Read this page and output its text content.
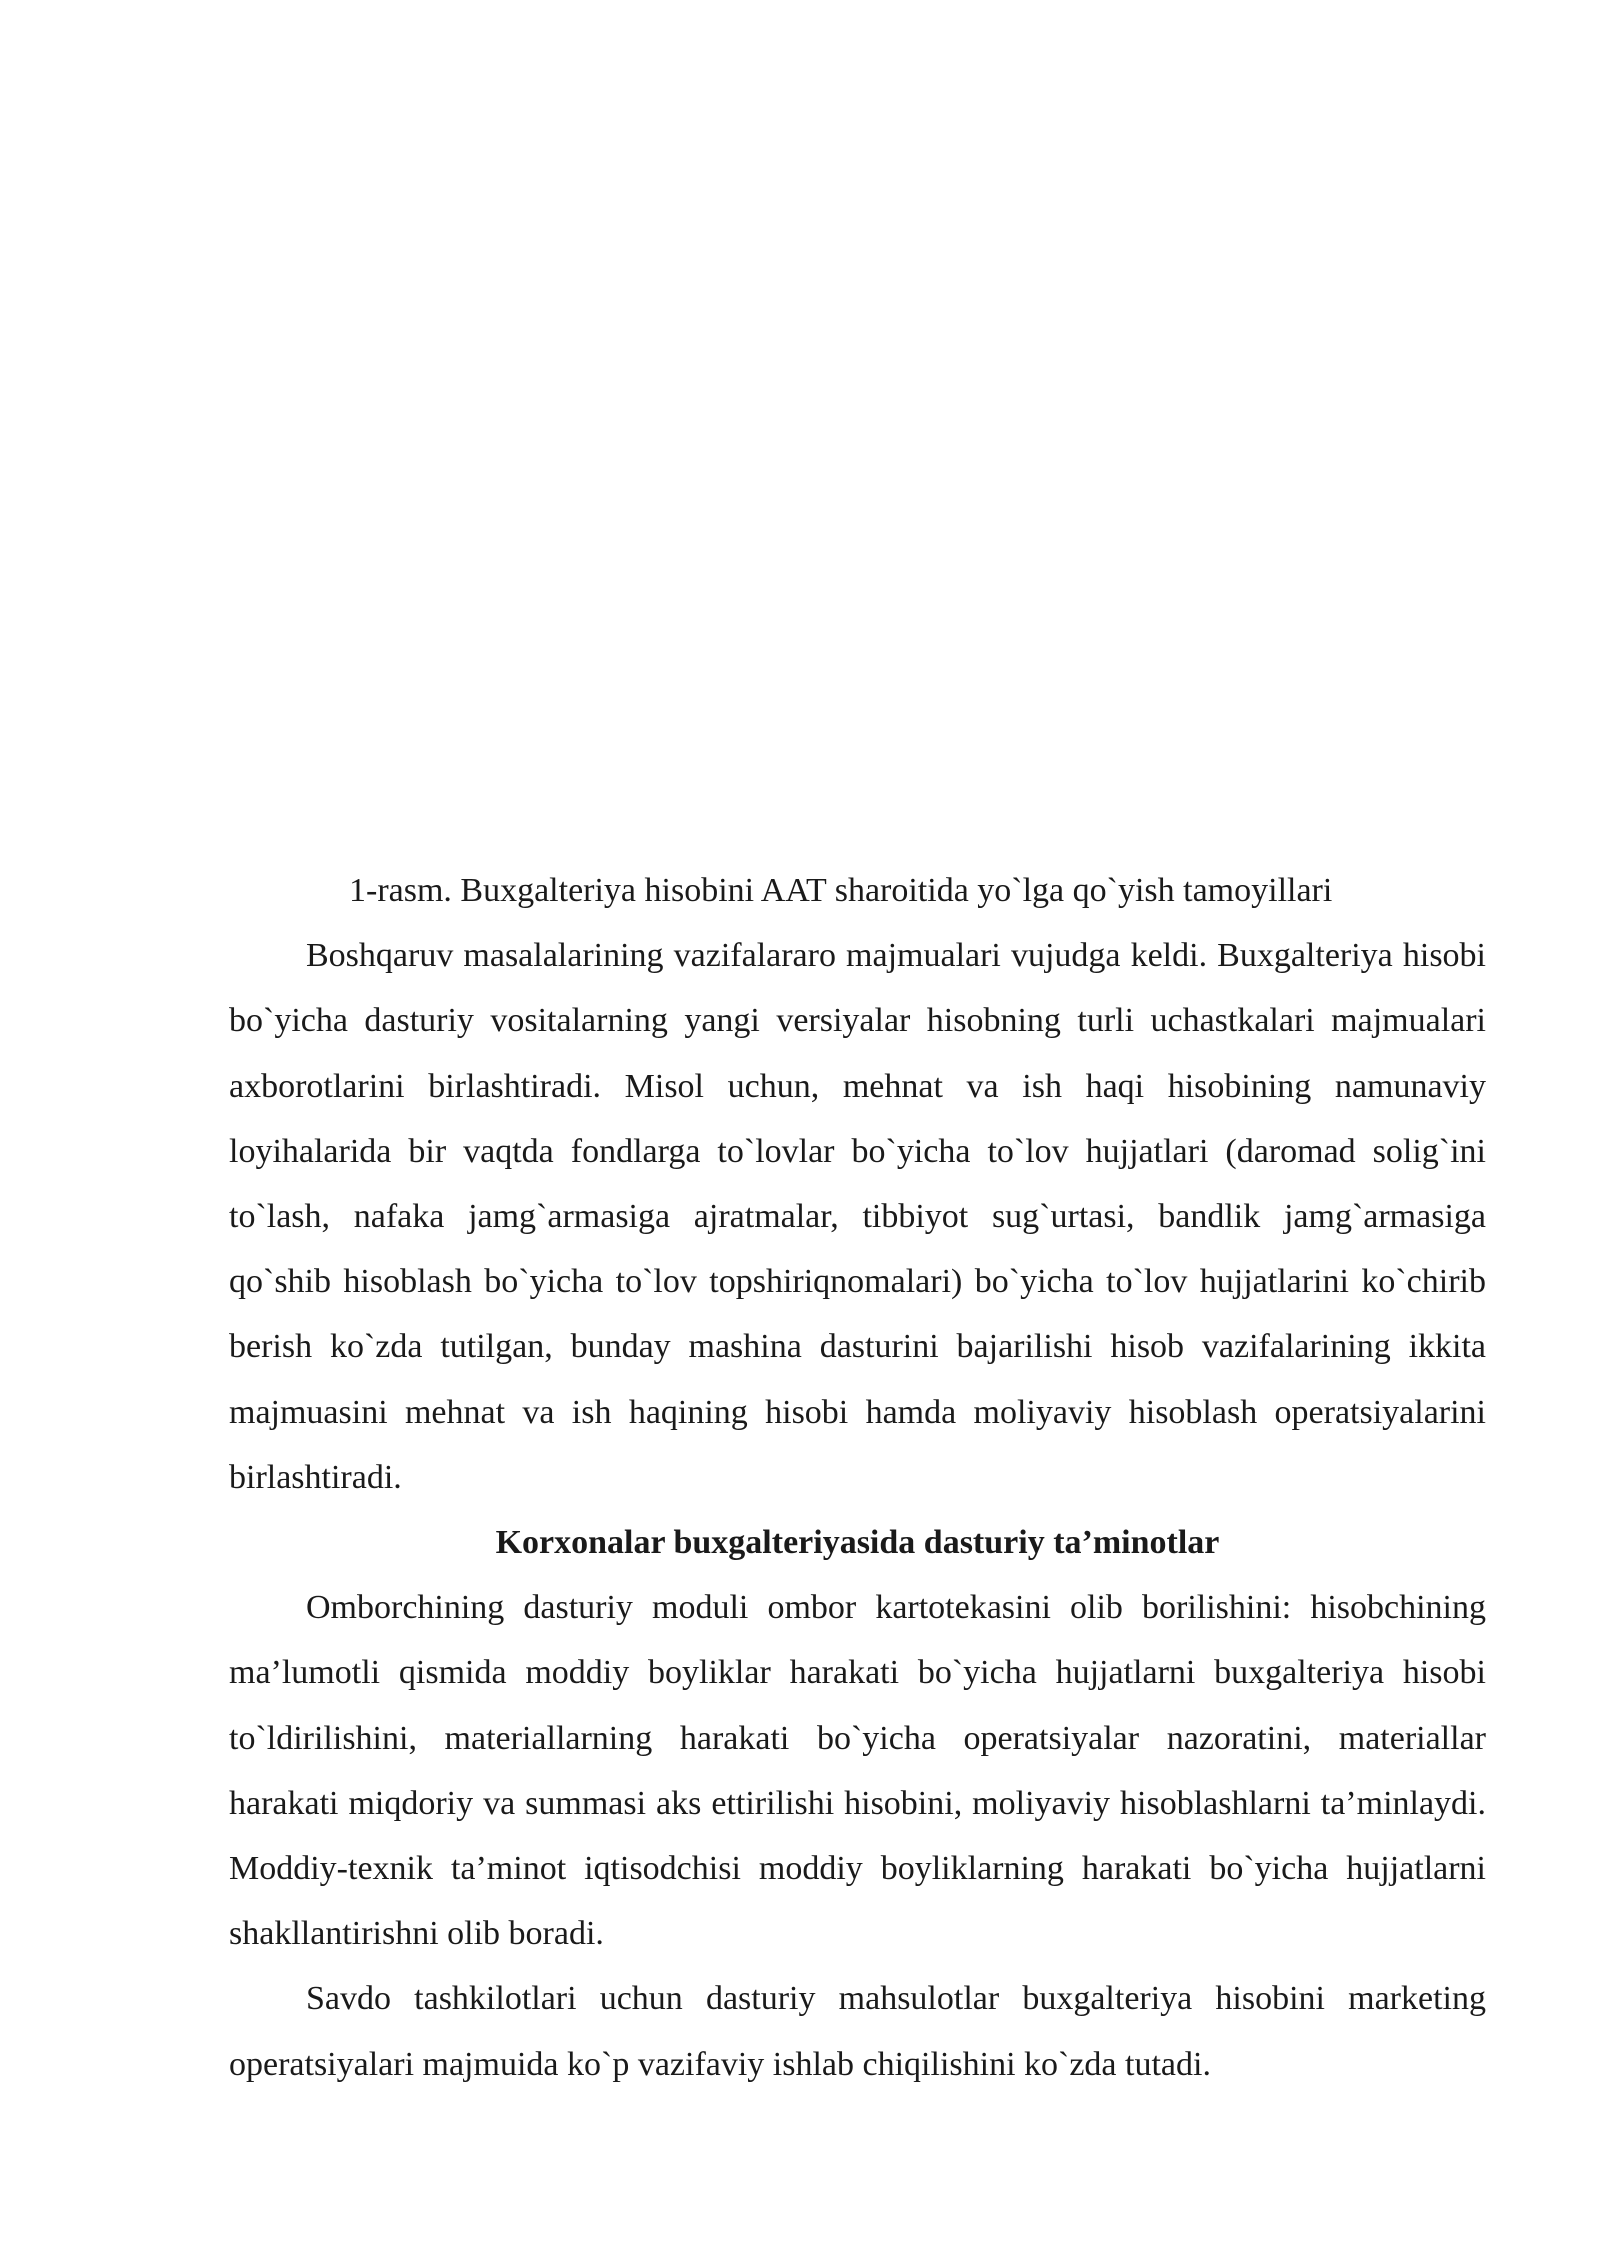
1-rasm. Buxgalteriya hisobini AAT sharoitida yo`lga qo`yish tamoyillari

Boshqaruv masalalarining vazifalararo majmualari vujudga keldi. Buxgalteriya hisobi bo`yicha dasturiy vositalarning yangi versiyalar hisobning turli uchastkalari majmualari axborotlarini birlashtiradi. Misol uchun, mehnat va ish haqi hisobining namunaviy loyihalarida bir vaqtda fondlarga to`lovlar bo`yicha to`lov hujjatlari (daromad solig`ini to`lash, nafaka jamg`armasiga ajratmalar, tibbiyot sug`urtasi, bandlik jamg`armasiga qo`shib hisoblash bo`yicha to`lov topshiriqnomalari) bo`yicha to`lov hujjatlarini ko`chirib berish ko`zda tutilgan, bunday mashina dasturini bajarilishi hisob vazifalarining ikkita majmuasini mehnat va ish haqining hisobi hamda moliyaviy hisoblash operatsiyalarini birlashtiradi.

Korxonalar buxgalteriyasida dasturiy ta’minotlar

Omborchining dasturiy moduli ombor kartotekasini olib borilishini: hisobchining ma’lumotli qismida moddiy boyliklar harakati bo`yicha hujjatlarni buxgalteriya hisobi to`ldirilishini, materiallarning harakati bo`yicha operatsiyalar nazoratini, materiallar harakati miqdoriy va summasi aks ettirilishi hisobini, moliyaviy hisoblashlarni ta’minlaydi. Moddiy-texnik ta’minot iqtisodchisi moddiy boyliklarning harakati bo`yicha hujjatlarni shakllantirishni olib boradi.

Savdo tashkilotlari uchun dasturiy mahsulotlar buxgalteriya hisobini marketing operatsiyalari majmuida ko`p vazifaviy ishlab chiqilishini ko`zda tutadi.
